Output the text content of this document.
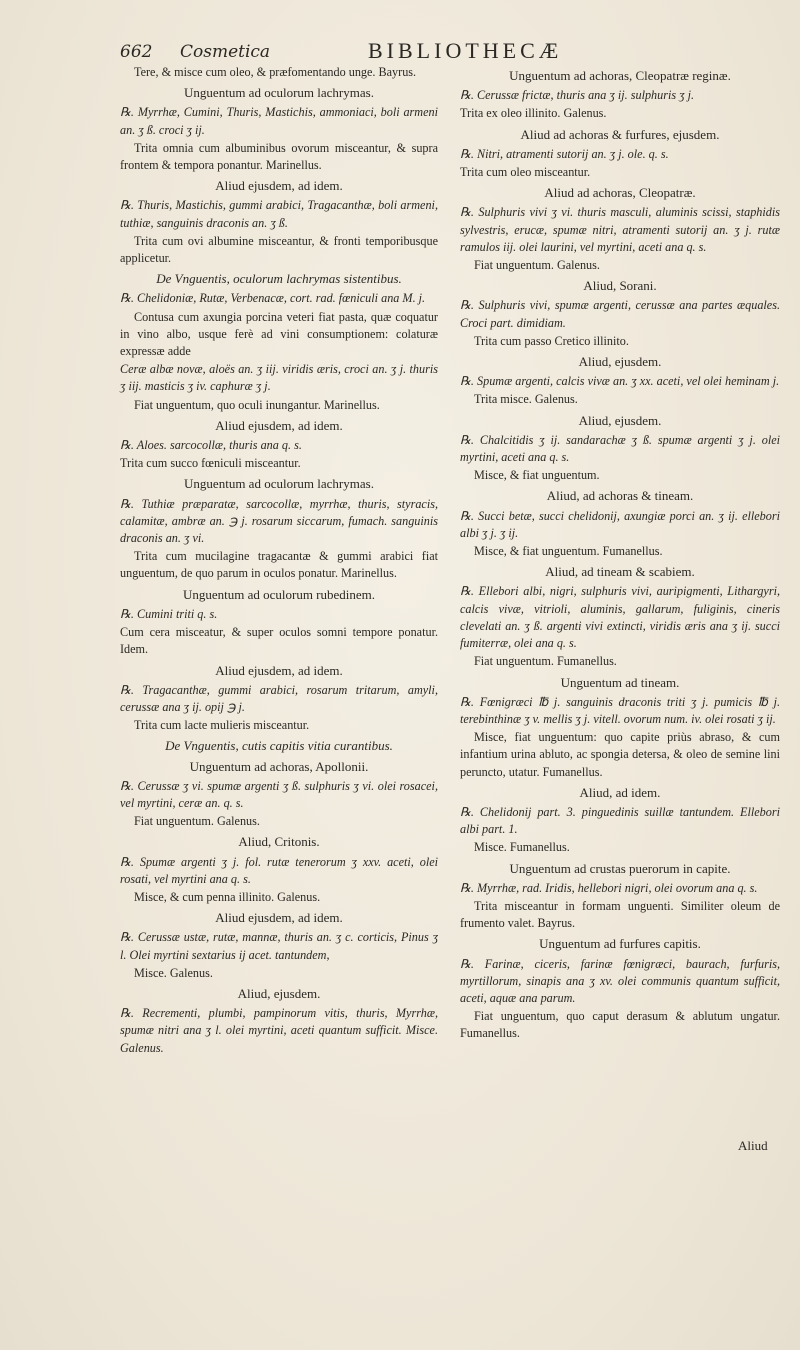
662 Cosmetica	BIBLIOTHECÆ

Tere, & misce cum oleo, & præfomentando unge. Bayrus.

Unguentum ad oculorum lachrymas.

℞. Myrrhæ, Cumini, Thuris, Mastichis, ammoniaci, boli armeni an. ʒ ß. croci ʒ ij.

Trita omnia cum albuminibus ovorum misceantur, & supra frontem & tempora ponantur. Marinellus.

Aliud ejusdem, ad idem.

℞. Thuris, Mastichis, gummi arabici, Tragacanthæ, boli armeni, tuthiæ, sanguinis draconis an. ʒ ß.

Trita cum ovi albumine misceantur, & fronti temporibusque applicetur.

De Vnguentis, oculorum lachrymas sistentibus.

℞. Chelidoniæ, Rutæ, Verbenacæ, cort. rad. fœniculi ana M. j.

Contusa cum axungia porcina veteri fiat pasta, quæ coquatur in vino albo, usque ferè ad vini consumptionem: colaturæ expressæ adde

Ceræ albæ novæ, aloës an. ʒ iij. viridis æris, croci an. ʒ j. thuris ʒ iij. masticis ʒ iv. caphuræ ʒ j.

Fiat unguentum, quo oculi inungantur. Marinellus.

Aliud ejusdem, ad idem.

℞. Aloes. sarcocollæ, thuris ana q. s.

Trita cum succo fœniculi misceantur.

Unguentum ad oculorum lachrymas.

℞. Tuthiæ præparatæ, sarcocollæ, myrrhæ, thuris, styracis, calamitæ, ambræ an. ℈ j. rosarum siccarum, fumach. sanguinis draconis an. ʒ vi.

Trita cum mucilagine tragacantæ & gummi arabici fiat unguentum, de quo parum in oculos ponatur. Marinellus.

Unguentum ad oculorum rubedinem.

℞. Cumini triti q. s.

Cum cera misceatur, & super oculos somni tempore ponatur. Idem.

Aliud ejusdem, ad idem.

℞. Tragacanthæ, gummi arabici, rosarum tritarum, amyli, cerussæ ana ʒ ij. opij ℈ j.

Trita cum lacte mulieris misceantur.

De Vnguentis, cutis capitis vitia curantibus.

Unguentum ad achoras, Apollonii.

℞. Cerussæ ʒ vi. spumæ argenti ʒ ß. sulphuris ʒ vi. olei rosacei, vel myrtini, ceræ an. q. s.

Fiat unguentum. Galenus.

Aliud, Critonis.

℞. Spumæ argenti ʒ j. fol. rutæ tenerorum ʒ xxv. aceti, olei rosati, vel myrtini ana q. s.

Misce, & cum penna illinito. Galenus.

Aliud ejusdem, ad idem.

℞. Cerussæ ustæ, rutæ, mannæ, thuris an. ʒ c. corticis, Pinus ʒ l. Olei myrtini sextarius ij acet. tantundem,

Misce. Galenus.

Aliud, ejusdem.

℞. Recrementi, plumbi, pampinorum vitis, thuris, Myrrhæ, spumæ nitri ana ʒ l. olei myrtini, aceti quantum sufficit. Misce. Galenus.

Unguentum ad achoras, Cleopatræ reginæ.

℞. Cerussæ frictæ, thuris ana ʒ ij. sulphuris ʒ j.

Trita ex oleo illinito. Galenus.

Aliud ad achoras & furfures, ejusdem.

℞. Nitri, atramenti sutorij an. ʒ j. ole. q. s.

Trita cum oleo misceantur.

Aliud ad achoras, Cleopatræ.

℞. Sulphuris vivi ʒ vi. thuris masculi, aluminis scissi, staphidis sylvestris, erucæ, spumæ nitri, atramenti sutorij an. ʒ j. rutæ ramulos iij. olei laurini, vel myrtini, aceti ana q. s.

Fiat unguentum. Galenus.

Aliud, Sorani.

℞. Sulphuris vivi, spumæ argenti, cerussæ ana partes æquales. Croci part. dimidiam.

Trita cum passo Cretico illinito.

Aliud, ejusdem.

℞. Spumæ argenti, calcis vivæ an. ʒ xx. aceti, vel olei heminam j.

Trita misce. Galenus.

Aliud, ejusdem.

℞. Chalcitidis ʒ ij. sandarachæ ʒ ß. spumæ argenti ʒ j. olei myrtini, aceti ana q. s.

Misce, & fiat unguentum.

Aliud, ad achoras & tineam.

℞. Succi betæ, succi chelidonij, axungiæ porci an. ʒ ij. ellebori albi ʒ j. ʒ ij.

Misce, & fiat unguentum. Fumanellus.

Aliud, ad tineam & scabiem.

℞. Ellebori albi, nigri, sulphuris vivi, auripigmenti, Lithargyri, calcis vivæ, vitrioli, aluminis, gallarum, fuliginis, cineris clevelati an. ʒ ß. argenti vivi extincti, viridis æris ana ʒ ij. succi fumiterræ, olei ana q. s.

Fiat unguentum. Fumanellus.

Unguentum ad tineam.

℞. Fœnigræci ℔ j. sanguinis draconis triti ʒ j. pumicis ℔ j. terebinthinæ ʒ v. mellis ʒ j. vitell. ovorum num. iv. olei rosati ʒ ij.

Misce, fiat unguentum: quo capite priùs abraso, & cum infantium urina abluto, ac spongia detersa, & oleo de semine lini perunctο, utatur. Fumanellus.

Aliud, ad idem.

℞. Chelidonij part. 3. pinguedinis suillæ tantundem. Ellebori albi part. 1.

Misce. Fumanellus.

Unguentum ad crustas puerorum in capite.

℞. Myrrhæ, rad. Iridis, hellebori nigri, olei ovorum ana q. s.

Trita misceantur in formam unguenti. Similiter oleum de frumento valet. Bayrus.

Unguentum ad furfures capitis.

℞. Farinæ, ciceris, farinæ fœnigræci, baurach, furfuris, myrtillorum, sinapis ana ʒ xv. olei communis quantum sufficit, aceti, aquæ ana parum.

Fiat unguentum, quo caput derasum & ablutum ungatur. Fumanellus.

Aliud
